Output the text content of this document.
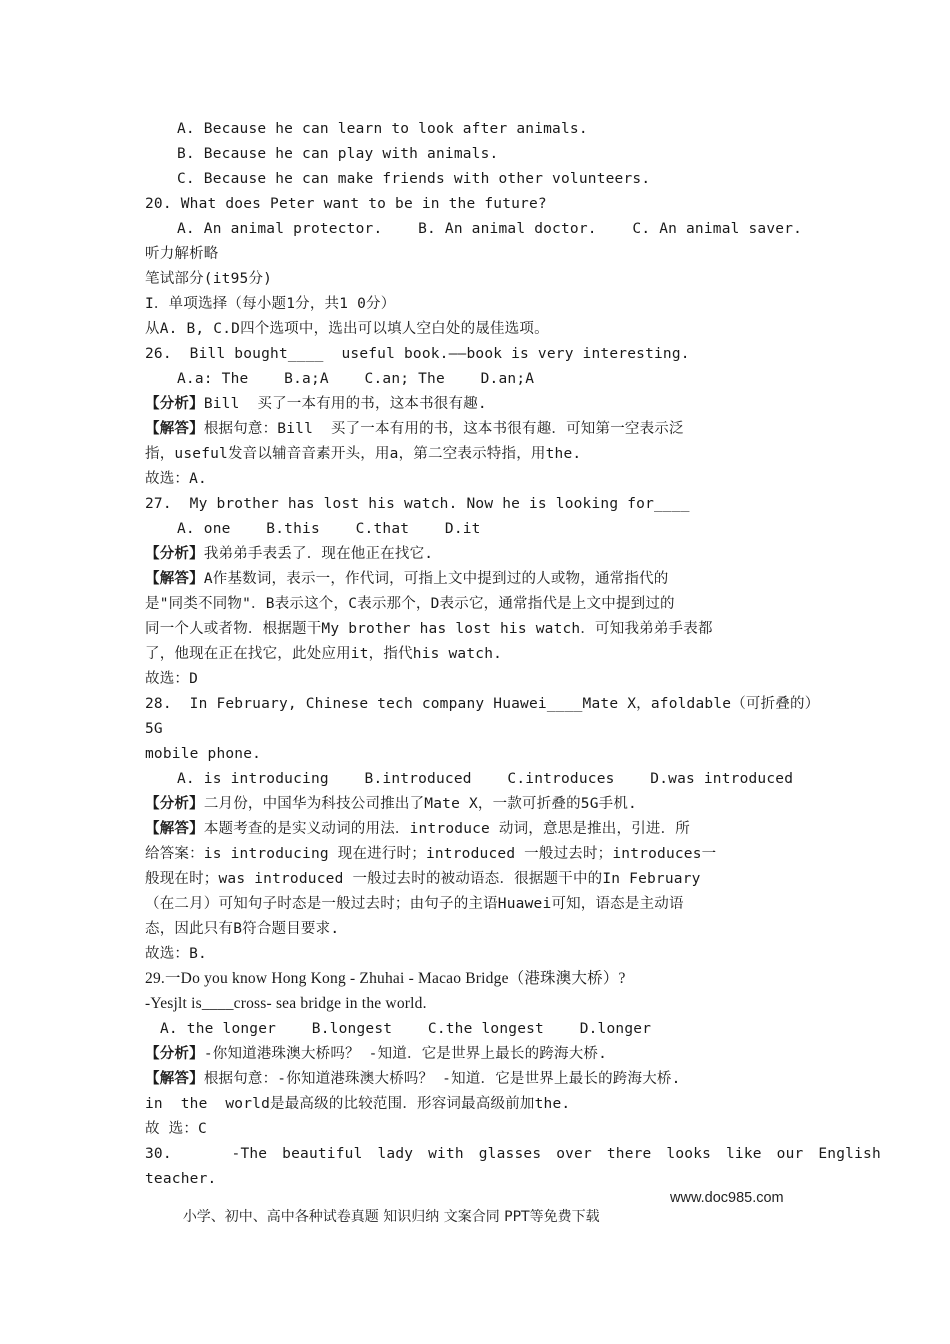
A. Because he can learn to look after animals.
B. Because he can play with animals.
C. Because he can make friends with other volunteers.
20. What does Peter want to be in the future?
A. An animal protector.    B. An animal doctor.    C. An animal saver.
听力解析略
笔试部分(it95分)
I．单项选择（每小题1分，共1 0分）
从A. B, C.D四个选项中，选出可以填人空白处的晟佳选项。
26.  Bill bought____  useful book.——book is very interesting.
A.a: The    B.a;A    C.an; The    D.an;A
【分析】Bill  买了一本有用的书，这本书很有趣.
【解答】根据句意：Bill  买了一本有用的书，这本书很有趣．可知第一空表示泛
指，useful发音以辅音音素开头，用a，第二空表示特指，用the.
故选：A.
27.  My brother has lost his watch. Now he is looking for____
A. one    B.this    C.that    D.it
【分析】我弟弟手表丢了．现在他正在找它.
【解答】A作基数词，表示一，作代词，可指上文中提到过的人或物，通常指代的
是"同类不同物"．B表示这个，C表示那个，D表示它，通常指代是上文中提到过的
同一个人或者物．根据题干My brother has lost his watch．可知我弟弟手表都
了，他现在正在找它，此处应用it，指代his watch.
故选：D
28.  In February, Chinese tech company Huawei____Mate X，afoldable（可折叠的）
5G
mobile phone.
A. is introducing    B.introduced    C.introduces    D.was introduced
【分析】二月份，中国华为科技公司推出了Mate X，一款可折叠的5G手机.
【解答】本题考查的是实义动词的用法．introduce 动词，意思是推出，引进．所
给答案：is introducing 现在进行时；introduced 一般过去时；introduces一
般现在时；was introduced 一般过去时的被动语态．很据题干中的In February
（在二月）可知句子时态是一般过去时；由句子的主语Huawei可知，语态是主动语
态，因此只有B符合题目要求.
故选：B.
29.一Do you know Hong Kong - Zhuhai - Macao Bridge（港珠澳大桥）?
-Yesjlt is____cross- sea bridge in the world.
A. the longer    B.longest    C.the longest    D.longer
【分析】-你知道港珠澳大桥吗？ -知道．它是世界上最长的跨海大桥.
【解答】根据句意：-你知道港珠澳大桥吗？ -知道．它是世界上最长的跨海大桥.
in  the  world是最高级的比较范围．形容词最高级前加the.
故 选：C
30.    -The beautiful lady with glasses over there looks like our English
teacher.

小学、初中、高中各种试卷真题 知识归纳 文案合同 PPT等免费下载

www.doc985.com
